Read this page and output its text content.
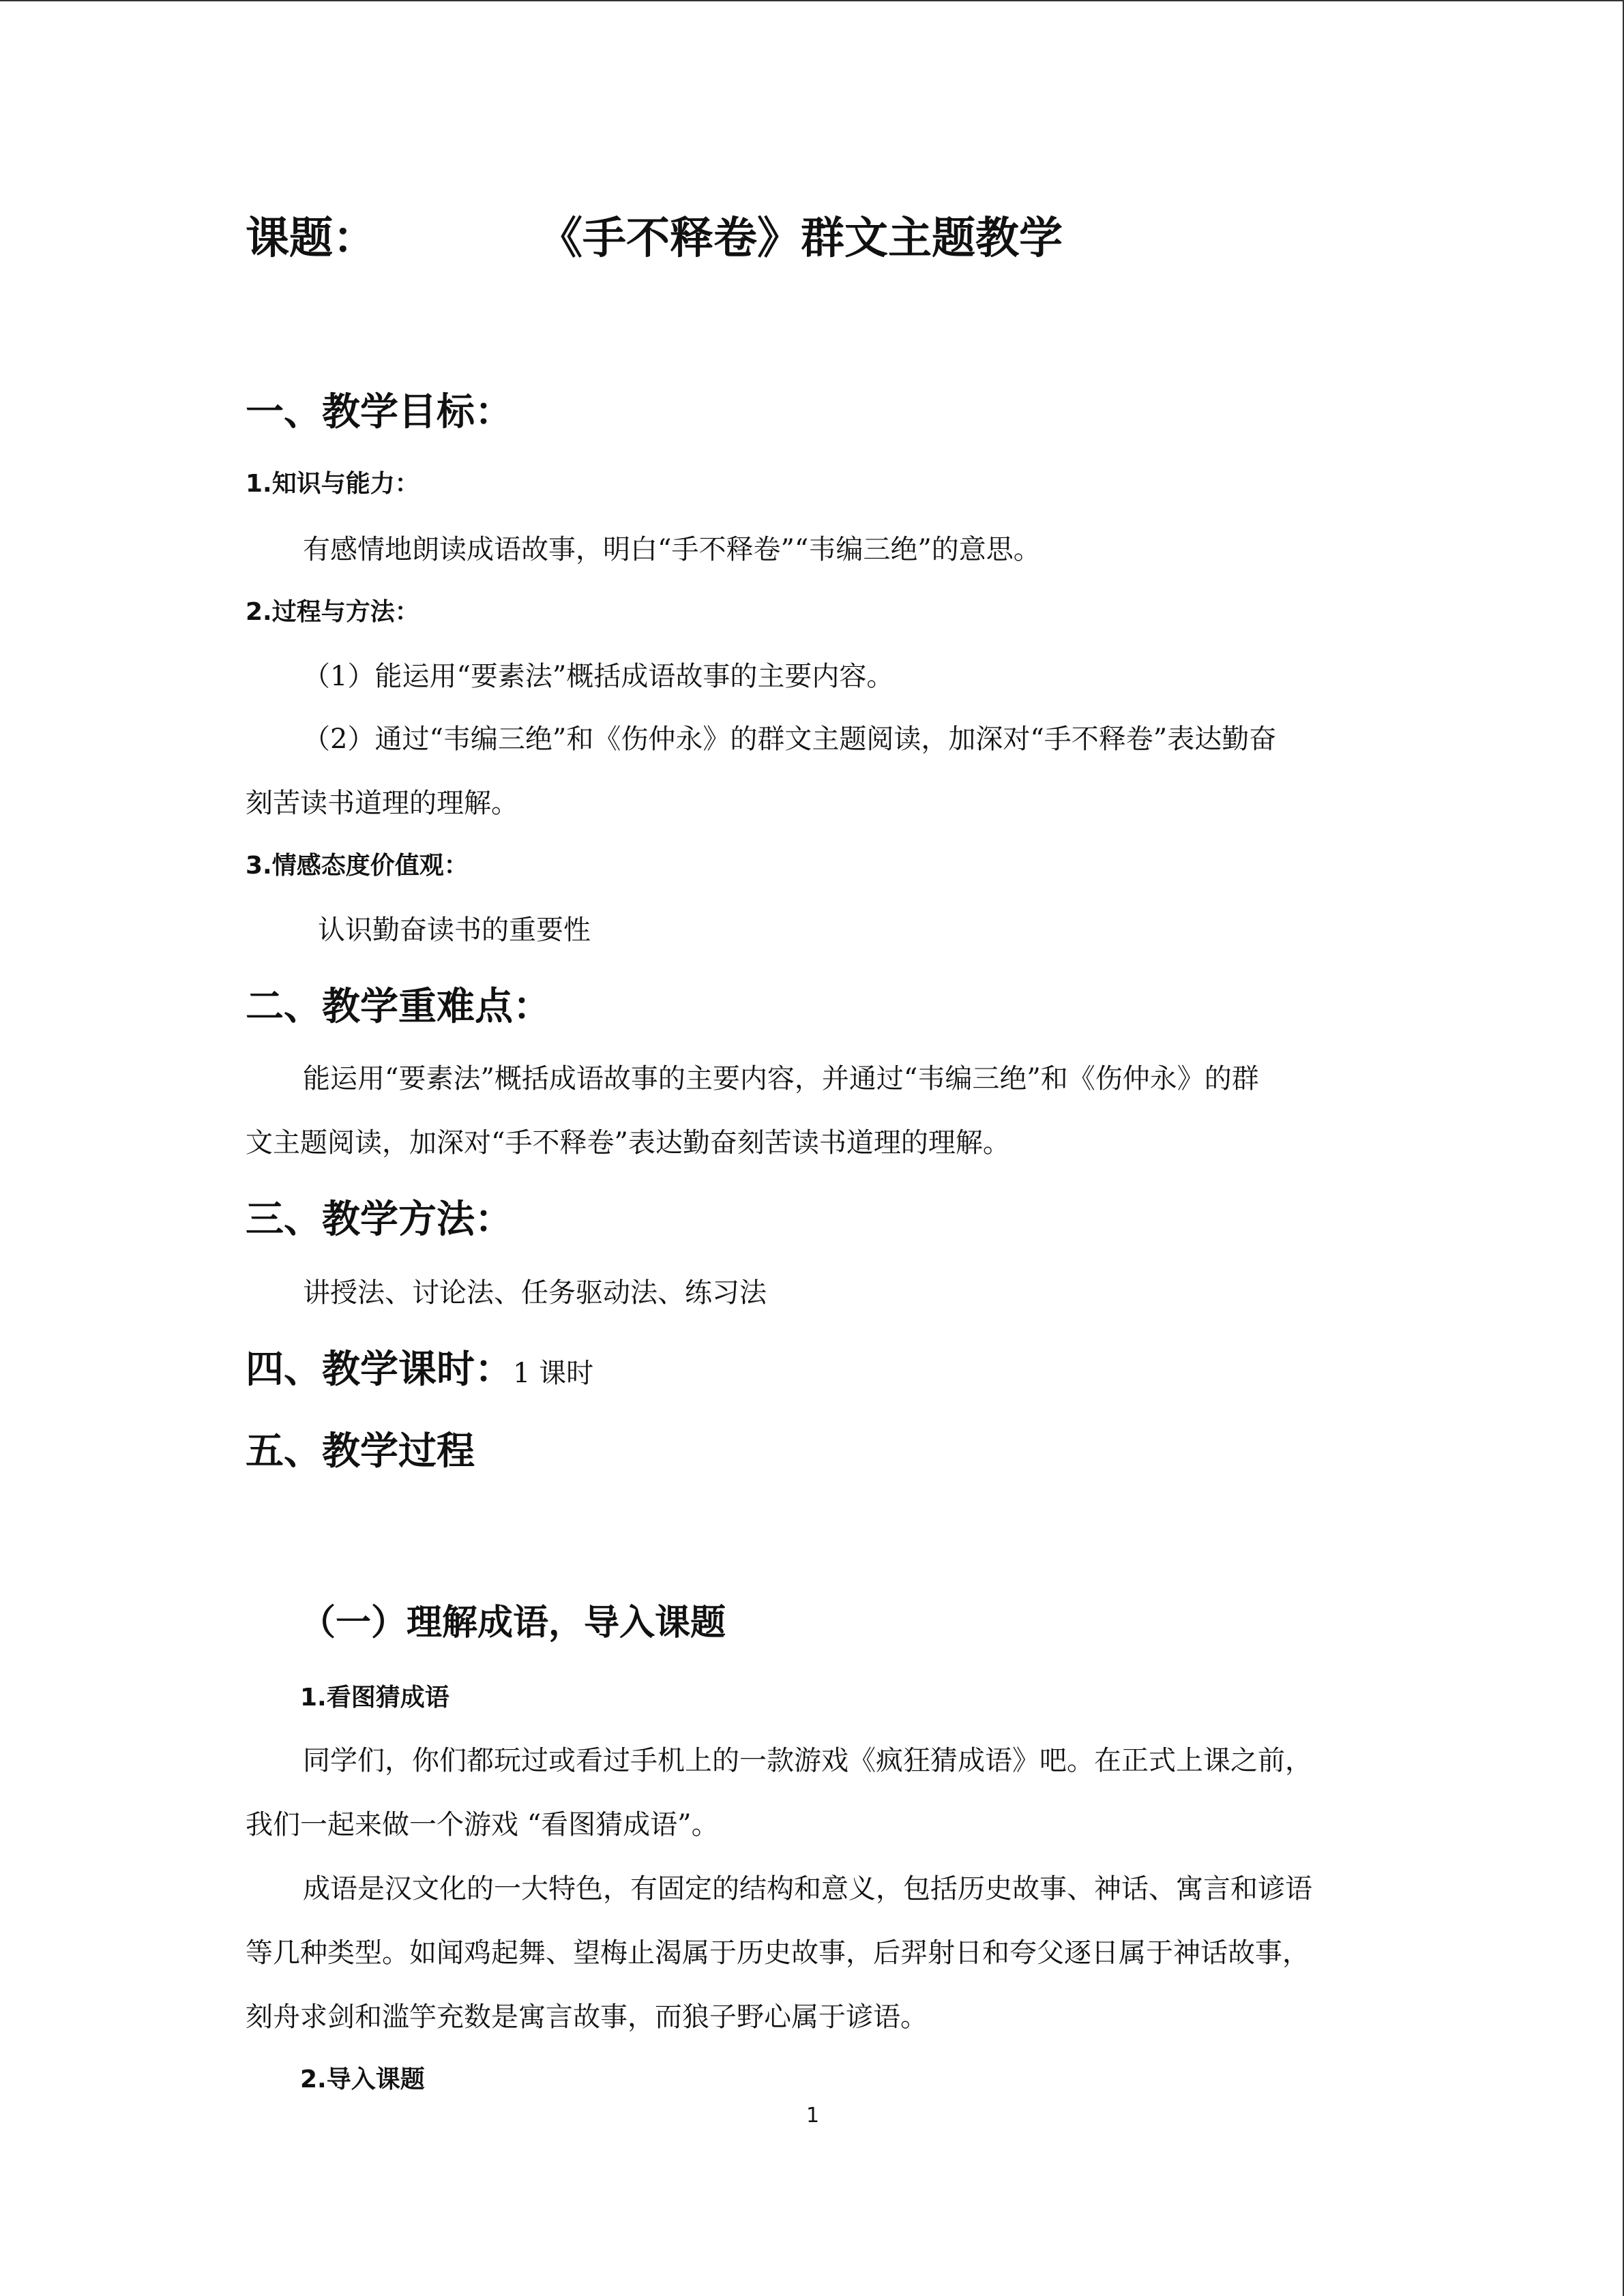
课题：	《手不释卷》群文主题教学
一、教学目标：
1.知识与能力：
有感情地朗读成语故事，明白“手不释卷”“韦编三绝”的意思。
2.过程与方法：
（1）能运用“要素法”概括成语故事的主要内容。
（2）通过“韦编三绝”和《伤仲永》的群文主题阅读，加深对“手不释卷”表达勤奋
刻苦读书道理的理解。
3.情感态度价值观：
认识勤奋读书的重要性
二、教学重难点：
能运用“要素法”概括成语故事的主要内容，并通过“韦编三绝”和《伤仲永》的群
文主题阅读，加深对“手不释卷”表达勤奋刻苦读书道理的理解。
三、教学方法：
讲授法、讨论法、任务驱动法、练习法
四、教学课时：1 课时
五、教学过程
（一）理解成语，导入课题
1.看图猜成语
同学们，你们都玩过或看过手机上的一款游戏《疯狂猜成语》吧。在正式上课之前，
我们一起来做一个游戏 “看图猜成语”。
成语是汉文化的一大特色，有固定的结构和意义，包括历史故事、神话、寓言和谚语
等几种类型。如闻鸡起舞、望梅止渴属于历史故事，后羿射日和夸父逐日属于神话故事，
刻舟求剑和滥竽充数是寓言故事，而狼子野心属于谚语。
2.导入课题
1
